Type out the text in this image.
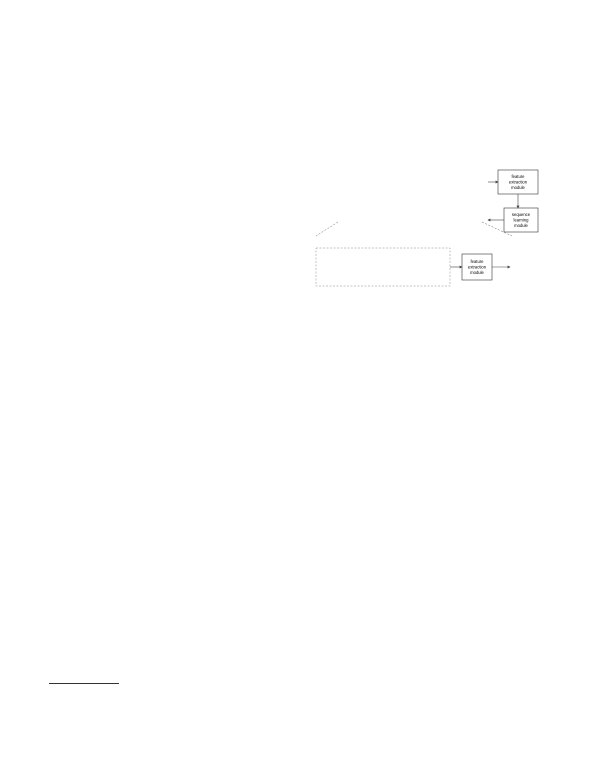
feature
extraction
module
sequence
learning
module
feature
extraction
module
